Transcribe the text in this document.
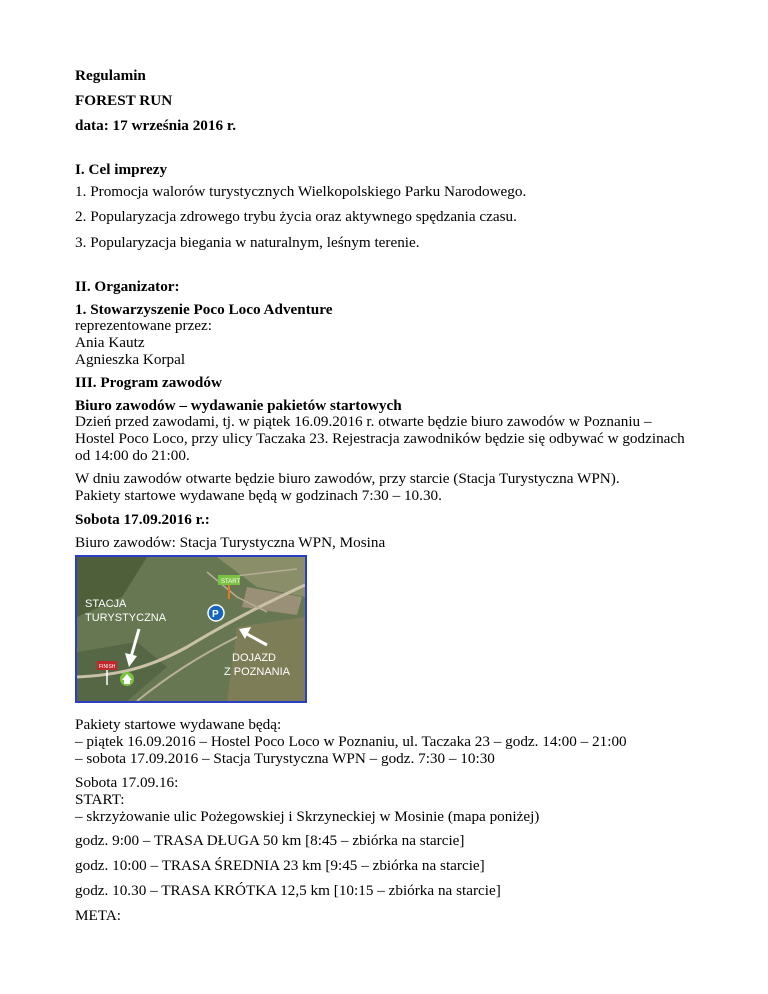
Regulamin
FOREST RUN
data: 17 września 2016 r.
I. Cel imprezy
1. Promocja walorów turystycznych Wielkopolskiego Parku Narodowego.
2. Popularyzacja zdrowego trybu życia oraz aktywnego spędzania czasu.
3. Popularyzacja biegania w naturalnym, leśnym terenie.
II. Organizator:
1. Stowarzyszenie Poco Loco Adventure
reprezentowane przez:
Ania Kautz
Agnieszka Korpal
III. Program zawodów
Biuro zawodów – wydawanie pakietów startowych
Dzień przed zawodami, tj. w piątek 16.09.2016 r. otwarte będzie biuro zawodów w Poznaniu –
Hostel Poco Loco, przy ulicy Taczaka 23. Rejestracja zawodników będzie się odbywać w godzinach
od 14:00 do 21:00.
W dniu zawodów otwarte będzie biuro zawodów, przy starcie (Stacja Turystyczna WPN).
Pakiety startowe wydawane będą w godzinach 7:30 – 10.30.
Sobota 17.09.2016 r.:
Biuro zawodów: Stacja Turystyczna WPN, Mosina
STACJA
TURYSTYCZNA
DOJAZD
Z POZNANIA
START
P
FINISH
Pakiety startowe wydawane będą:
– piątek 16.09.2016 – Hostel Poco Loco w Poznaniu, ul. Taczaka 23 – godz. 14:00 – 21:00
– sobota 17.09.2016 – Stacja Turystyczna WPN – godz. 7:30 – 10:30
Sobota 17.09.16:
START:
– skrzyżowanie ulic Pożegowskiej i Skrzyneckiej w Mosinie (mapa poniżej)
godz. 9:00 – TRASA DŁUGA 50 km [8:45 – zbiórka na starcie]
godz. 10:00 – TRASA ŚREDNIA 23 km [9:45 – zbiórka na starcie]
godz. 10.30 – TRASA KRÓTKA 12,5 km [10:15 – zbiórka na starcie]
META:
